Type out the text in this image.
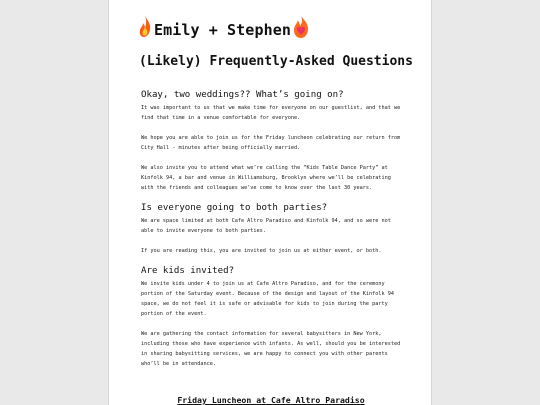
Emily + Stephen
(Likely) Frequently-Asked Questions
Okay, two weddings?? What’s going on?

It was important to us that we make time for everyone on our guestlist, and that we find that time in a venue comfortable for everyone.

We hope you are able to join us for the Friday luncheon celebrating our return from City Hall - minutes after being officially married.

We also invite you to attend what we’re calling the “Kids Table Dance Party” at Kinfolk 94, a bar and venue in Williamsburg, Brooklyn where we’ll be celebrating with the friends and colleagues we’ve come to know over the last 30 years.

Is everyone going to both parties?

We are space limited at both Cafe Altro Paradiso and Kinfolk 94, and so were not able to invite everyone to both parties.

If you are reading this, you are invited to join us at either event, or both.

Are kids invited?

We invite kids under 4 to join us at Cafe Altro Paradiso, and for the ceremony portion of the Saturday event. Because of the design and layout of the Kinfolk 94 space, we do not feel it is safe or advisable for kids to join during the party portion of the event.

We are gathering the contact information for several babysitters in New York, including those who have experience with infants. As well, should you be interested in sharing babysitting services, we are happy to connect you with other parents who’ll be in attendance.

Friday Luncheon at Cafe Altro Paradiso
